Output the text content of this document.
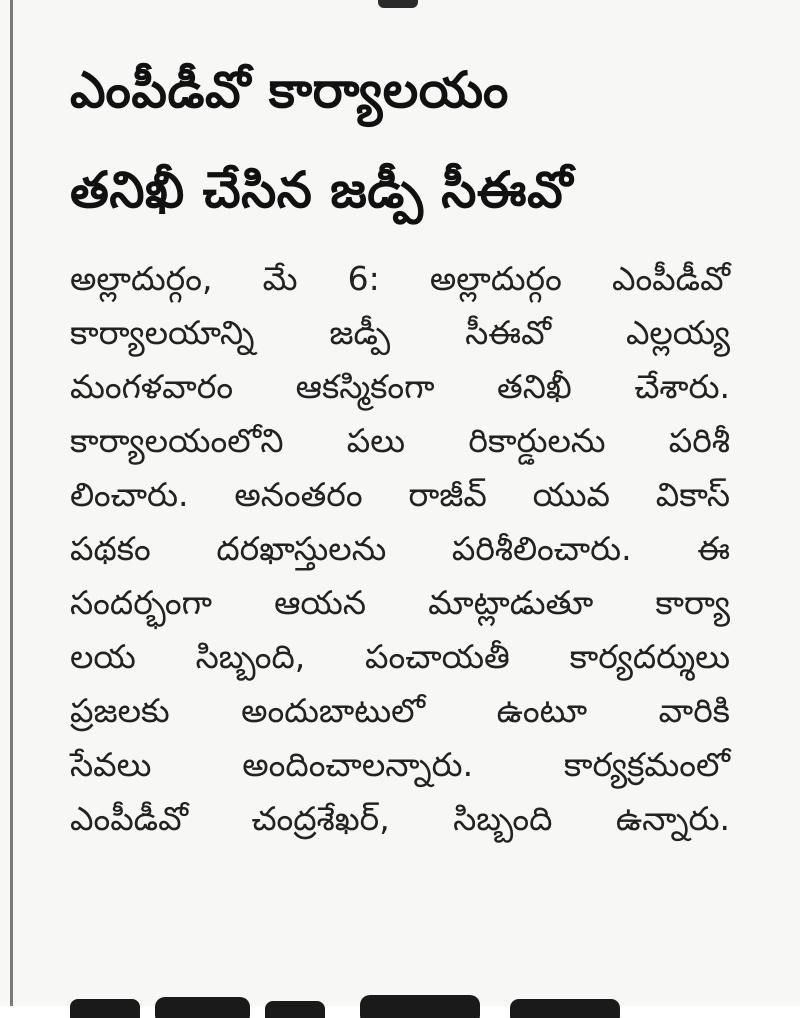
ఎంపీడీవో కార్యాలయం
తనిఖీ చేసిన జడ్పీ సీఈవో
అల్లాదుర్గం, మే 6: అల్లాదుర్గం ఎంపీడీవో
కార్యాలయాన్ని జడ్పీ సీఈవో ఎల్లయ్య
మంగళవారం ఆకస్మికంగా తనిఖీ చేశారు.
కార్యాలయంలోని పలు రికార్డులను పరిశీ
లించారు. అనంతరం రాజీవ్ యువ వికాస్
పథకం దరఖాస్తులను పరిశీలించారు. ఈ
సందర్భంగా ఆయన మాట్లాడుతూ కార్యా
లయ సిబ్బంది, పంచాయతీ కార్యదర్శులు
ప్రజలకు అందుబాటులో ఉంటూ వారికి
సేవలు అందించాలన్నారు. కార్యక్రమంలో
ఎంపీడీవో చంద్రశేఖర్, సిబ్బంది ఉన్నారు.
